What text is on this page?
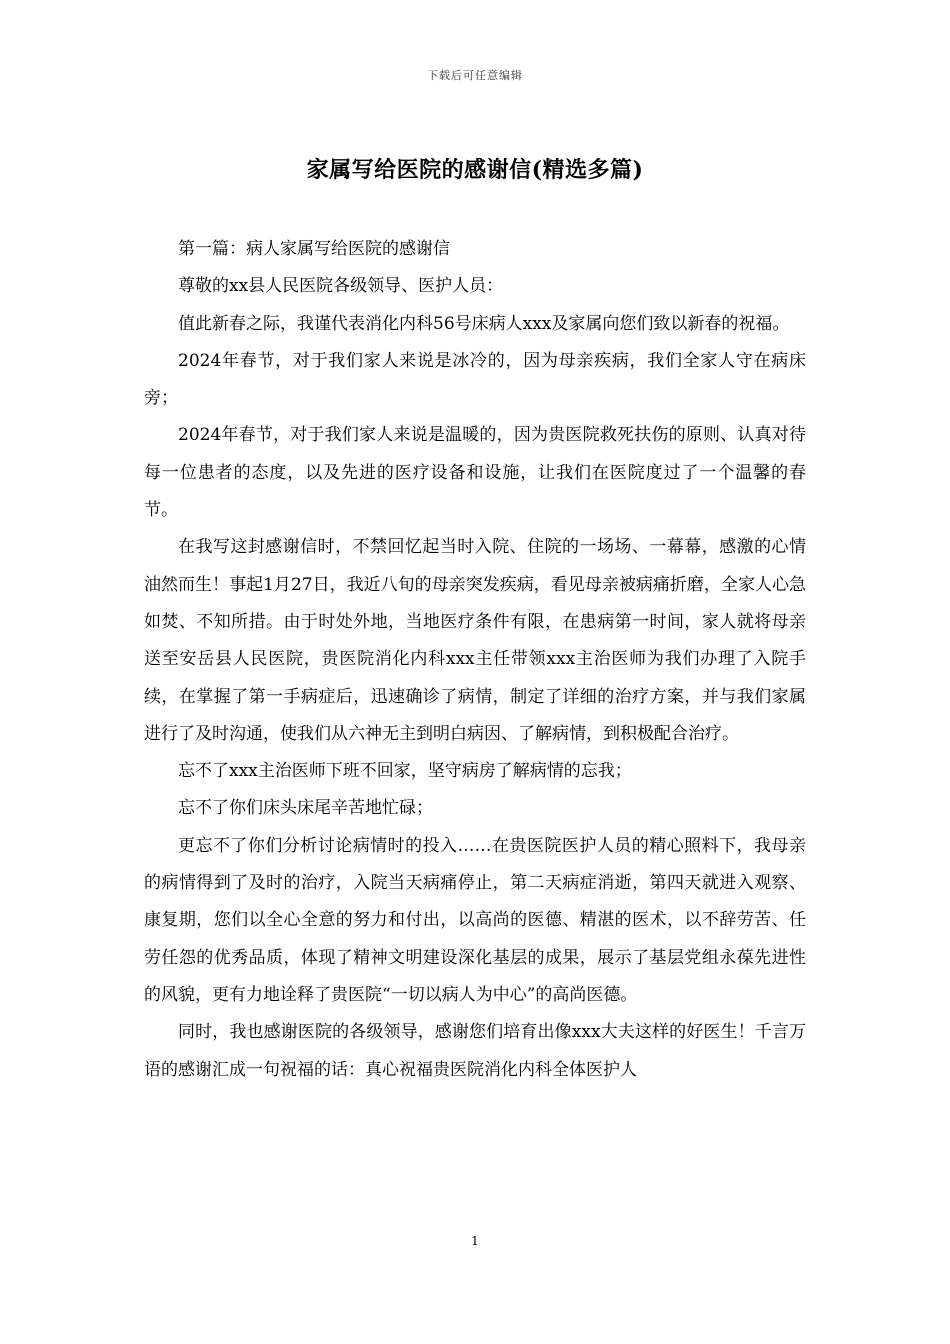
下载后可任意编辑
家属写给医院的感谢信(精选多篇)

第一篇：病人家属写给医院的感谢信

尊敬的xx县人民医院各级领导、医护人员：

值此新春之际，我谨代表消化内科56号床病人xxx及家属向您们致以新春的祝福。

2024年春节，对于我们家人来说是冰冷的，因为母亲疾病，我们全家人守在病床旁；

2024年春节，对于我们家人来说是温暖的，因为贵医院救死扶伤的原则、认真对待每一位患者的态度，以及先进的医疗设备和设施，让我们在医院度过了一个温馨的春节。

在我写这封感谢信时，不禁回忆起当时入院、住院的一场场、一幕幕，感激的心情油然而生！事起1月27日，我近八旬的母亲突发疾病，看见母亲被病痛折磨，全家人心急如焚、不知所措。由于时处外地，当地医疗条件有限，在患病第一时间，家人就将母亲送至安岳县人民医院，贵医院消化内科xxx主任带领xxx主治医师为我们办理了入院手续，在掌握了第一手病症后，迅速确诊了病情，制定了详细的治疗方案，并与我们家属进行了及时沟通，使我们从六神无主到明白病因、了解病情，到积极配合治疗。

忘不了xxx主治医师下班不回家，坚守病房了解病情的忘我；

忘不了你们床头床尾辛苦地忙碌；

更忘不了你们分析讨论病情时的投入……在贵医院医护人员的精心照料下，我母亲的病情得到了及时的治疗，入院当天病痛停止，第二天病症消逝，第四天就进入观察、康复期，您们以全心全意的努力和付出，以高尚的医德、精湛的医术，以不辞劳苦、任劳任怨的优秀品质，体现了精神文明建设深化基层的成果，展示了基层党组永葆先进性的风貌，更有力地诠释了贵医院“一切以病人为中心”的高尚医德。

同时，我也感谢医院的各级领导，感谢您们培育出像xxx大夫这样的好医生！千言万语的感谢汇成一句祝福的话：真心祝福贵医院消化内科全体医护人

1
